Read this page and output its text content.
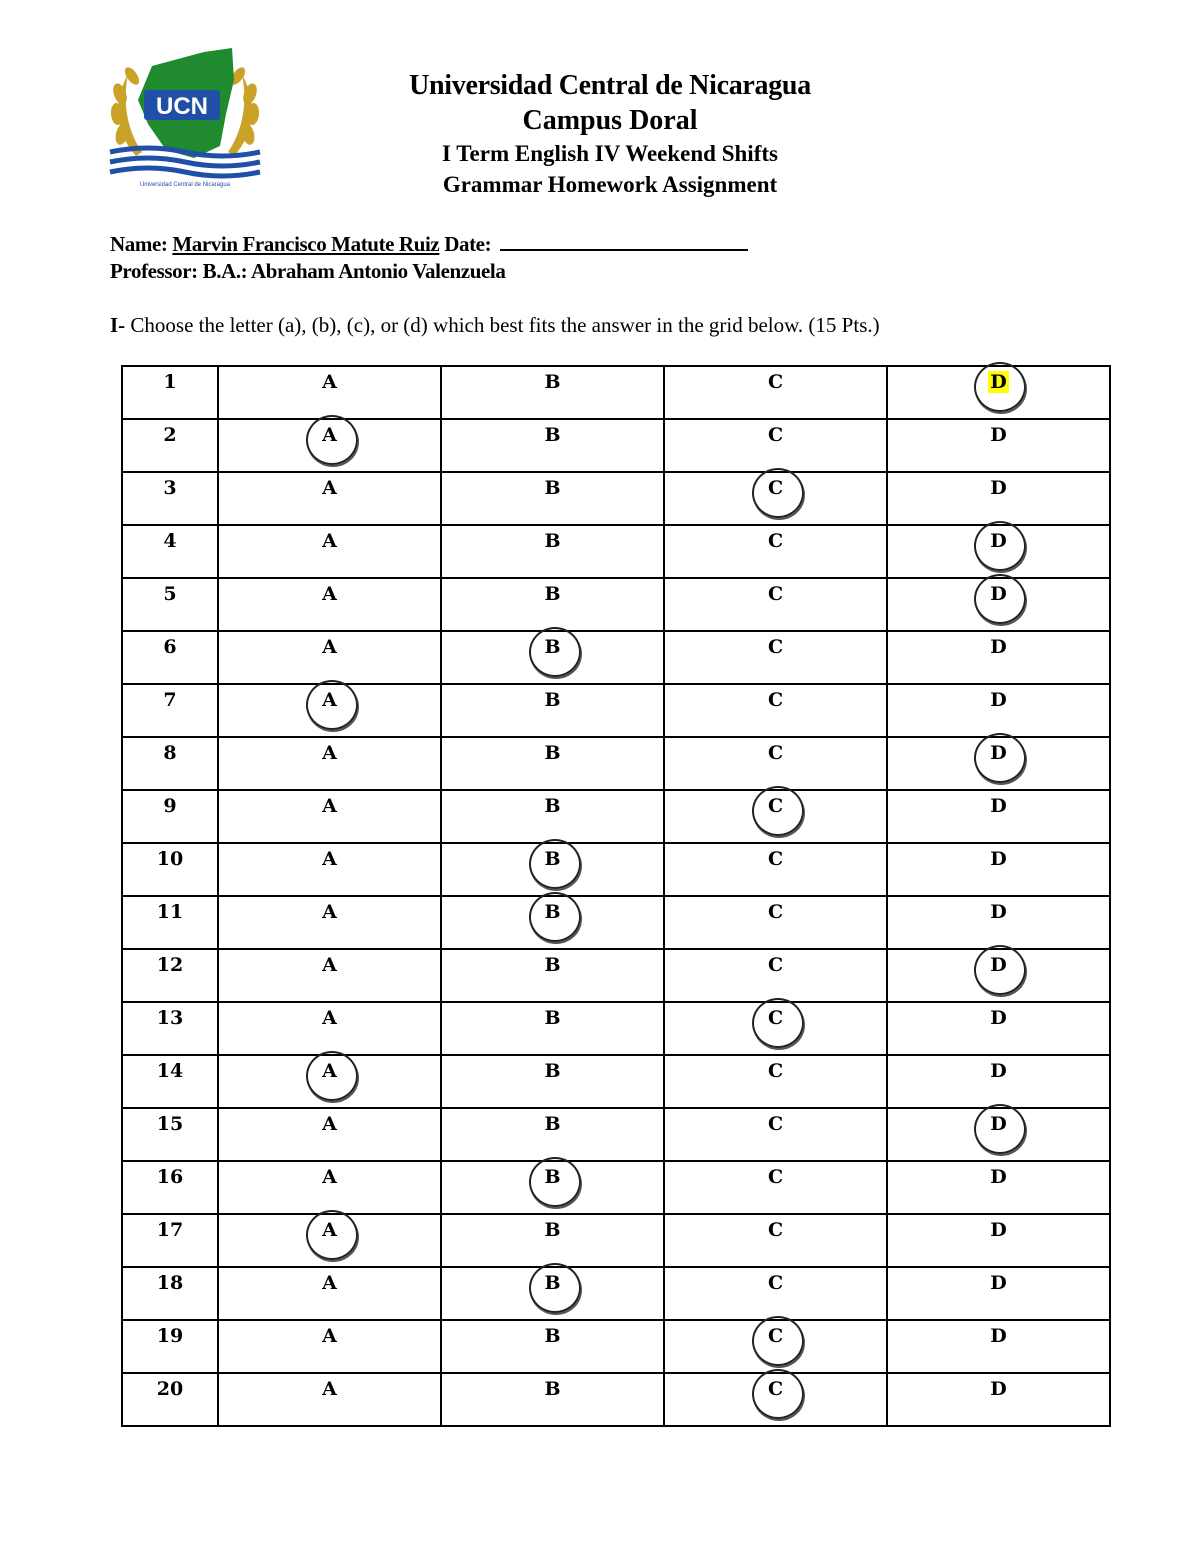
UCN
Universidad Central de Nicaragua
Universidad Central de Nicaragua
Campus Doral
I Term English IV Weekend Shifts
Grammar Homework Assignment
Name: Marvin Francisco Matute Ruiz Date:
Professor: B.A.: Abraham Antonio Valenzuela
I- Choose the letter (a), (b), (c), or (d) which best fits the answer in the grid below. (15 Pts.)
1	A	B	C	D
2	A	B	C	D
3	A	B	C	D
4	A	B	C	D
5	A	B	C	D
6	A	B	C	D
7	A	B	C	D
8	A	B	C	D
9	A	B	C	D
10	A	B	C	D
11	A	B	C	D
12	A	B	C	D
13	A	B	C	D
14	A	B	C	D
15	A	B	C	D
16	A	B	C	D
17	A	B	C	D
18	A	B	C	D
19	A	B	C	D
20	A	B	C	D
